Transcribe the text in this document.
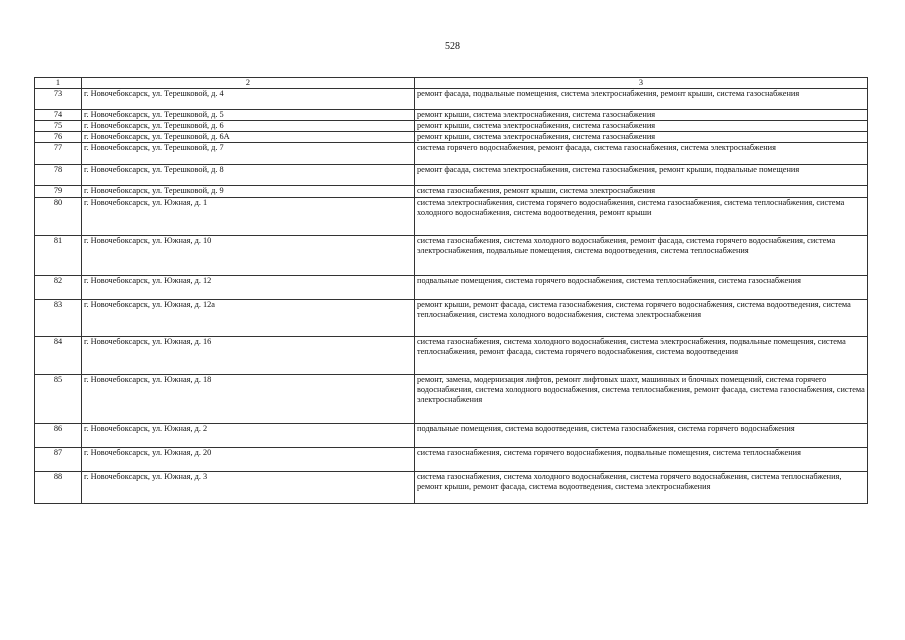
528
1	2	3
73	г. Новочебоксарск, ул. Терешковой, д. 4	ремонт фасада, подвальные помещения, система электроснабжения, ремонт крыши, система газоснабжения
74	г. Новочебоксарск, ул. Терешковой, д. 5	ремонт крыши, система электроснабжения, система газоснабжения
75	г. Новочебоксарск, ул. Терешковой, д. 6	ремонт крыши, система электроснабжения, система газоснабжения
76	г. Новочебоксарск, ул. Терешковой, д. 6А	ремонт крыши, система электроснабжения, система газоснабжения
77	г. Новочебоксарск, ул. Терешковой, д. 7	система горячего водоснабжения, ремонт фасада, система газоснабжения, система электроснабжения
78	г. Новочебоксарск, ул. Терешковой, д. 8	ремонт фасада, система электроснабжения, система газоснабжения, ремонт крыши, подвальные помещения
79	г. Новочебоксарск, ул. Терешковой, д. 9	система газоснабжения, ремонт крыши, система электроснабжения
80	г. Новочебоксарск, ул. Южная, д. 1	система электроснабжения, система горячего водоснабжения, система газоснабжения, система теплоснабжения, система холодного водоснабжения, система водоотведения, ремонт крыши
81	г. Новочебоксарск, ул. Южная, д. 10	система газоснабжения, система холодного водоснабжения, ремонт фасада, система горячего водоснабжения, система электроснабжения, подвальные помещения, система водоотведения, система теплоснабжения
82	г. Новочебоксарск, ул. Южная, д. 12	подвальные помещения, система горячего водоснабжения, система теплоснабжения, система газоснабжения
83	г. Новочебоксарск, ул. Южная, д. 12а	ремонт крыши, ремонт фасада, система газоснабжения, система горячего водоснабжения, система водоотведения, система теплоснабжения, система холодного водоснабжения, система электроснабжения
84	г. Новочебоксарск, ул. Южная, д. 16	система газоснабжения, система холодного водоснабжения, система электроснабжения, подвальные помещения, система теплоснабжения, ремонт фасада, система горячего водоснабжения, система водоотведения
85	г. Новочебоксарск, ул. Южная, д. 18	ремонт, замена, модернизация лифтов, ремонт лифтовых шахт, машинных и блочных помещений, система горячего водоснабжения, система холодного водоснабжения, система теплоснабжения, ремонт фасада, система газоснабжения, система электроснабжения
86	г. Новочебоксарск, ул. Южная, д. 2	подвальные помещения, система водоотведения, система газоснабжения, система горячего водоснабжения
87	г. Новочебоксарск, ул. Южная, д. 20	система газоснабжения, система горячего водоснабжения, подвальные помещения, система теплоснабжения
88	г. Новочебоксарск, ул. Южная, д. 3	система газоснабжения, система холодного водоснабжения, система горячего водоснабжения, система теплоснабжения, ремонт крыши, ремонт фасада, система водоотведения, система электроснабжения
